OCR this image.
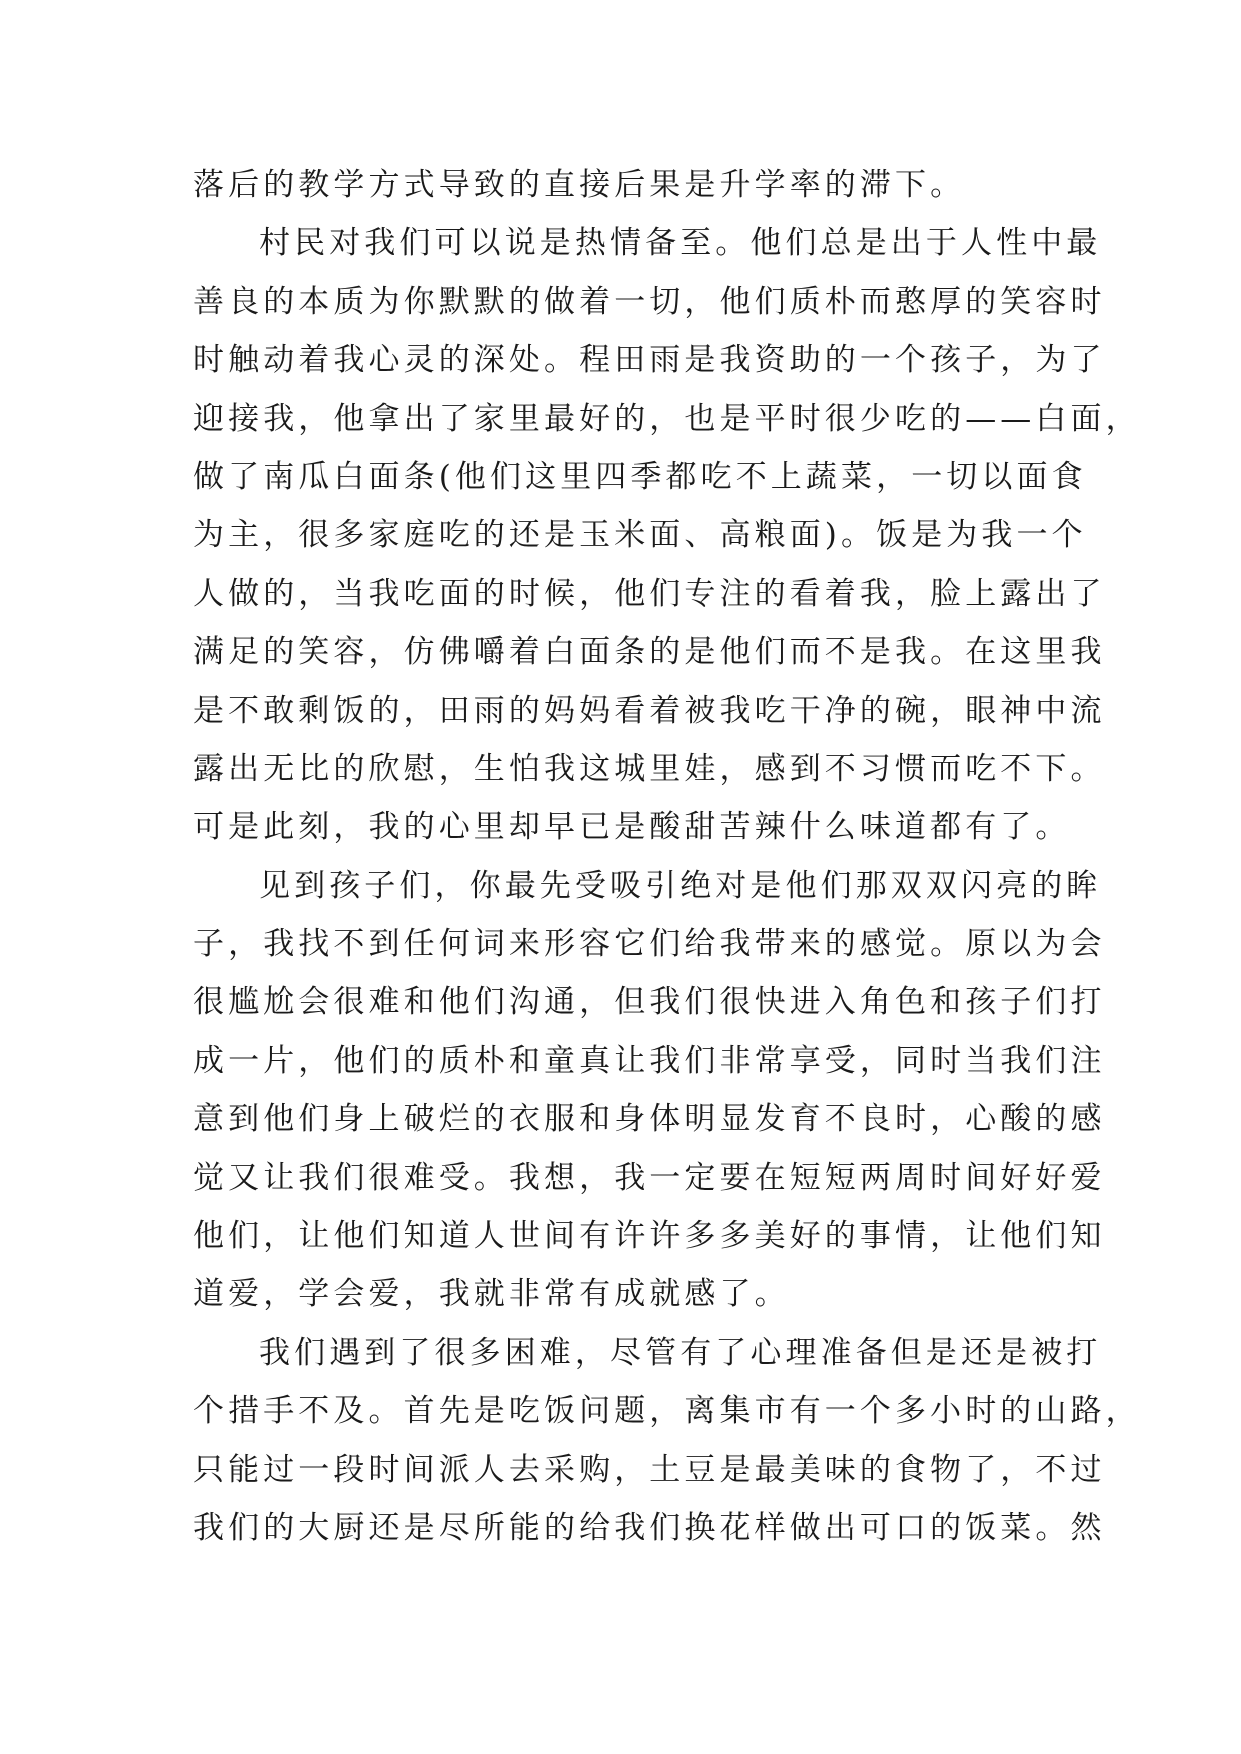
落后的教学方式导致的直接后果是升学率的滞下。
村民对我们可以说是热情备至。他们总是出于人性中最
善良的本质为你默默的做着一切，他们质朴而憨厚的笑容时
时触动着我心灵的深处。程田雨是我资助的一个孩子，为了
迎接我，他拿出了家里最好的，也是平时很少吃的——白面，
做了南瓜白面条(他们这里四季都吃不上蔬菜，一切以面食
为主，很多家庭吃的还是玉米面、高粮面)。饭是为我一个
人做的，当我吃面的时候，他们专注的看着我，脸上露出了
满足的笑容，仿佛嚼着白面条的是他们而不是我。在这里我
是不敢剩饭的，田雨的妈妈看着被我吃干净的碗，眼神中流
露出无比的欣慰，生怕我这城里娃，感到不习惯而吃不下。
可是此刻，我的心里却早已是酸甜苦辣什么味道都有了。
见到孩子们，你最先受吸引绝对是他们那双双闪亮的眸
子，我找不到任何词来形容它们给我带来的感觉。原以为会
很尴尬会很难和他们沟通，但我们很快进入角色和孩子们打
成一片，他们的质朴和童真让我们非常享受，同时当我们注
意到他们身上破烂的衣服和身体明显发育不良时，心酸的感
觉又让我们很难受。我想，我一定要在短短两周时间好好爱
他们，让他们知道人世间有许许多多美好的事情，让他们知
道爱，学会爱，我就非常有成就感了。
我们遇到了很多困难，尽管有了心理准备但是还是被打
个措手不及。首先是吃饭问题，离集市有一个多小时的山路，
只能过一段时间派人去采购，土豆是最美味的食物了，不过
我们的大厨还是尽所能的给我们换花样做出可口的饭菜。然
